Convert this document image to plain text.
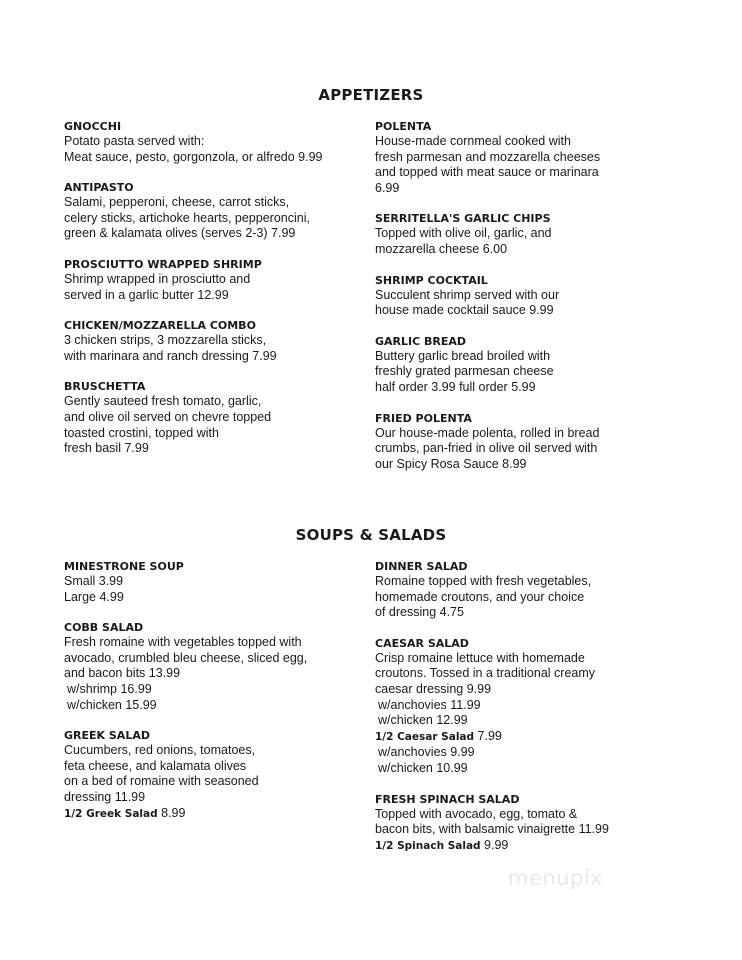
APPETIZERS
GNOCCHI
Potato pasta served with:
Meat sauce, pesto, gorgonzola, or alfredo 9.99
ANTIPASTO
Salami, pepperoni, cheese, carrot sticks,
celery sticks, artichoke hearts, pepperoncini,
green & kalamata olives (serves 2-3) 7.99
PROSCIUTTO WRAPPED SHRIMP
Shrimp wrapped in prosciutto and
served in a garlic butter 12.99
CHICKEN/MOZZARELLA COMBO
3 chicken strips, 3 mozzarella sticks,
with marinara and ranch dressing 7.99
BRUSCHETTA
Gently sauteed fresh tomato, garlic,
and olive oil served on chevre topped
toasted crostini, topped with
fresh basil 7.99
POLENTA
House-made cornmeal cooked with
fresh parmesan and mozzarella cheeses
and topped with meat sauce or marinara
6.99
SERRITELLA'S GARLIC CHIPS
Topped with olive oil, garlic, and
mozzarella cheese 6.00
SHRIMP COCKTAIL
Succulent shrimp served with our
house made cocktail sauce 9.99
GARLIC BREAD
Buttery garlic bread broiled with
freshly grated parmesan cheese
half order 3.99 full order 5.99
FRIED POLENTA
Our house-made polenta, rolled in bread
crumbs, pan-fried in olive oil served with
our Spicy Rosa Sauce 8.99
SOUPS & SALADS
MINESTRONE SOUP
Small 3.99
Large 4.99
COBB SALAD
Fresh romaine with vegetables topped with
avocado, crumbled bleu cheese, sliced egg,
and bacon bits 13.99
w/shrimp 16.99
w/chicken 15.99
GREEK SALAD
Cucumbers, red onions, tomatoes,
feta cheese, and kalamata olives
on a bed of romaine with seasoned
dressing 11.99
1/2 Greek Salad 8.99
DINNER SALAD
Romaine topped with fresh vegetables,
homemade croutons, and your choice
of dressing 4.75
CAESAR SALAD
Crisp romaine lettuce with homemade
croutons. Tossed in a traditional creamy
caesar dressing 9.99
w/anchovies 11.99
w/chicken 12.99
1/2 Caesar Salad 7.99
w/anchovies 9.99
w/chicken 10.99
FRESH SPINACH SALAD
Topped with avocado, egg, tomato &
bacon bits, with balsamic vinaigrette 11.99
1/2 Spinach Salad 9.99
menupix
